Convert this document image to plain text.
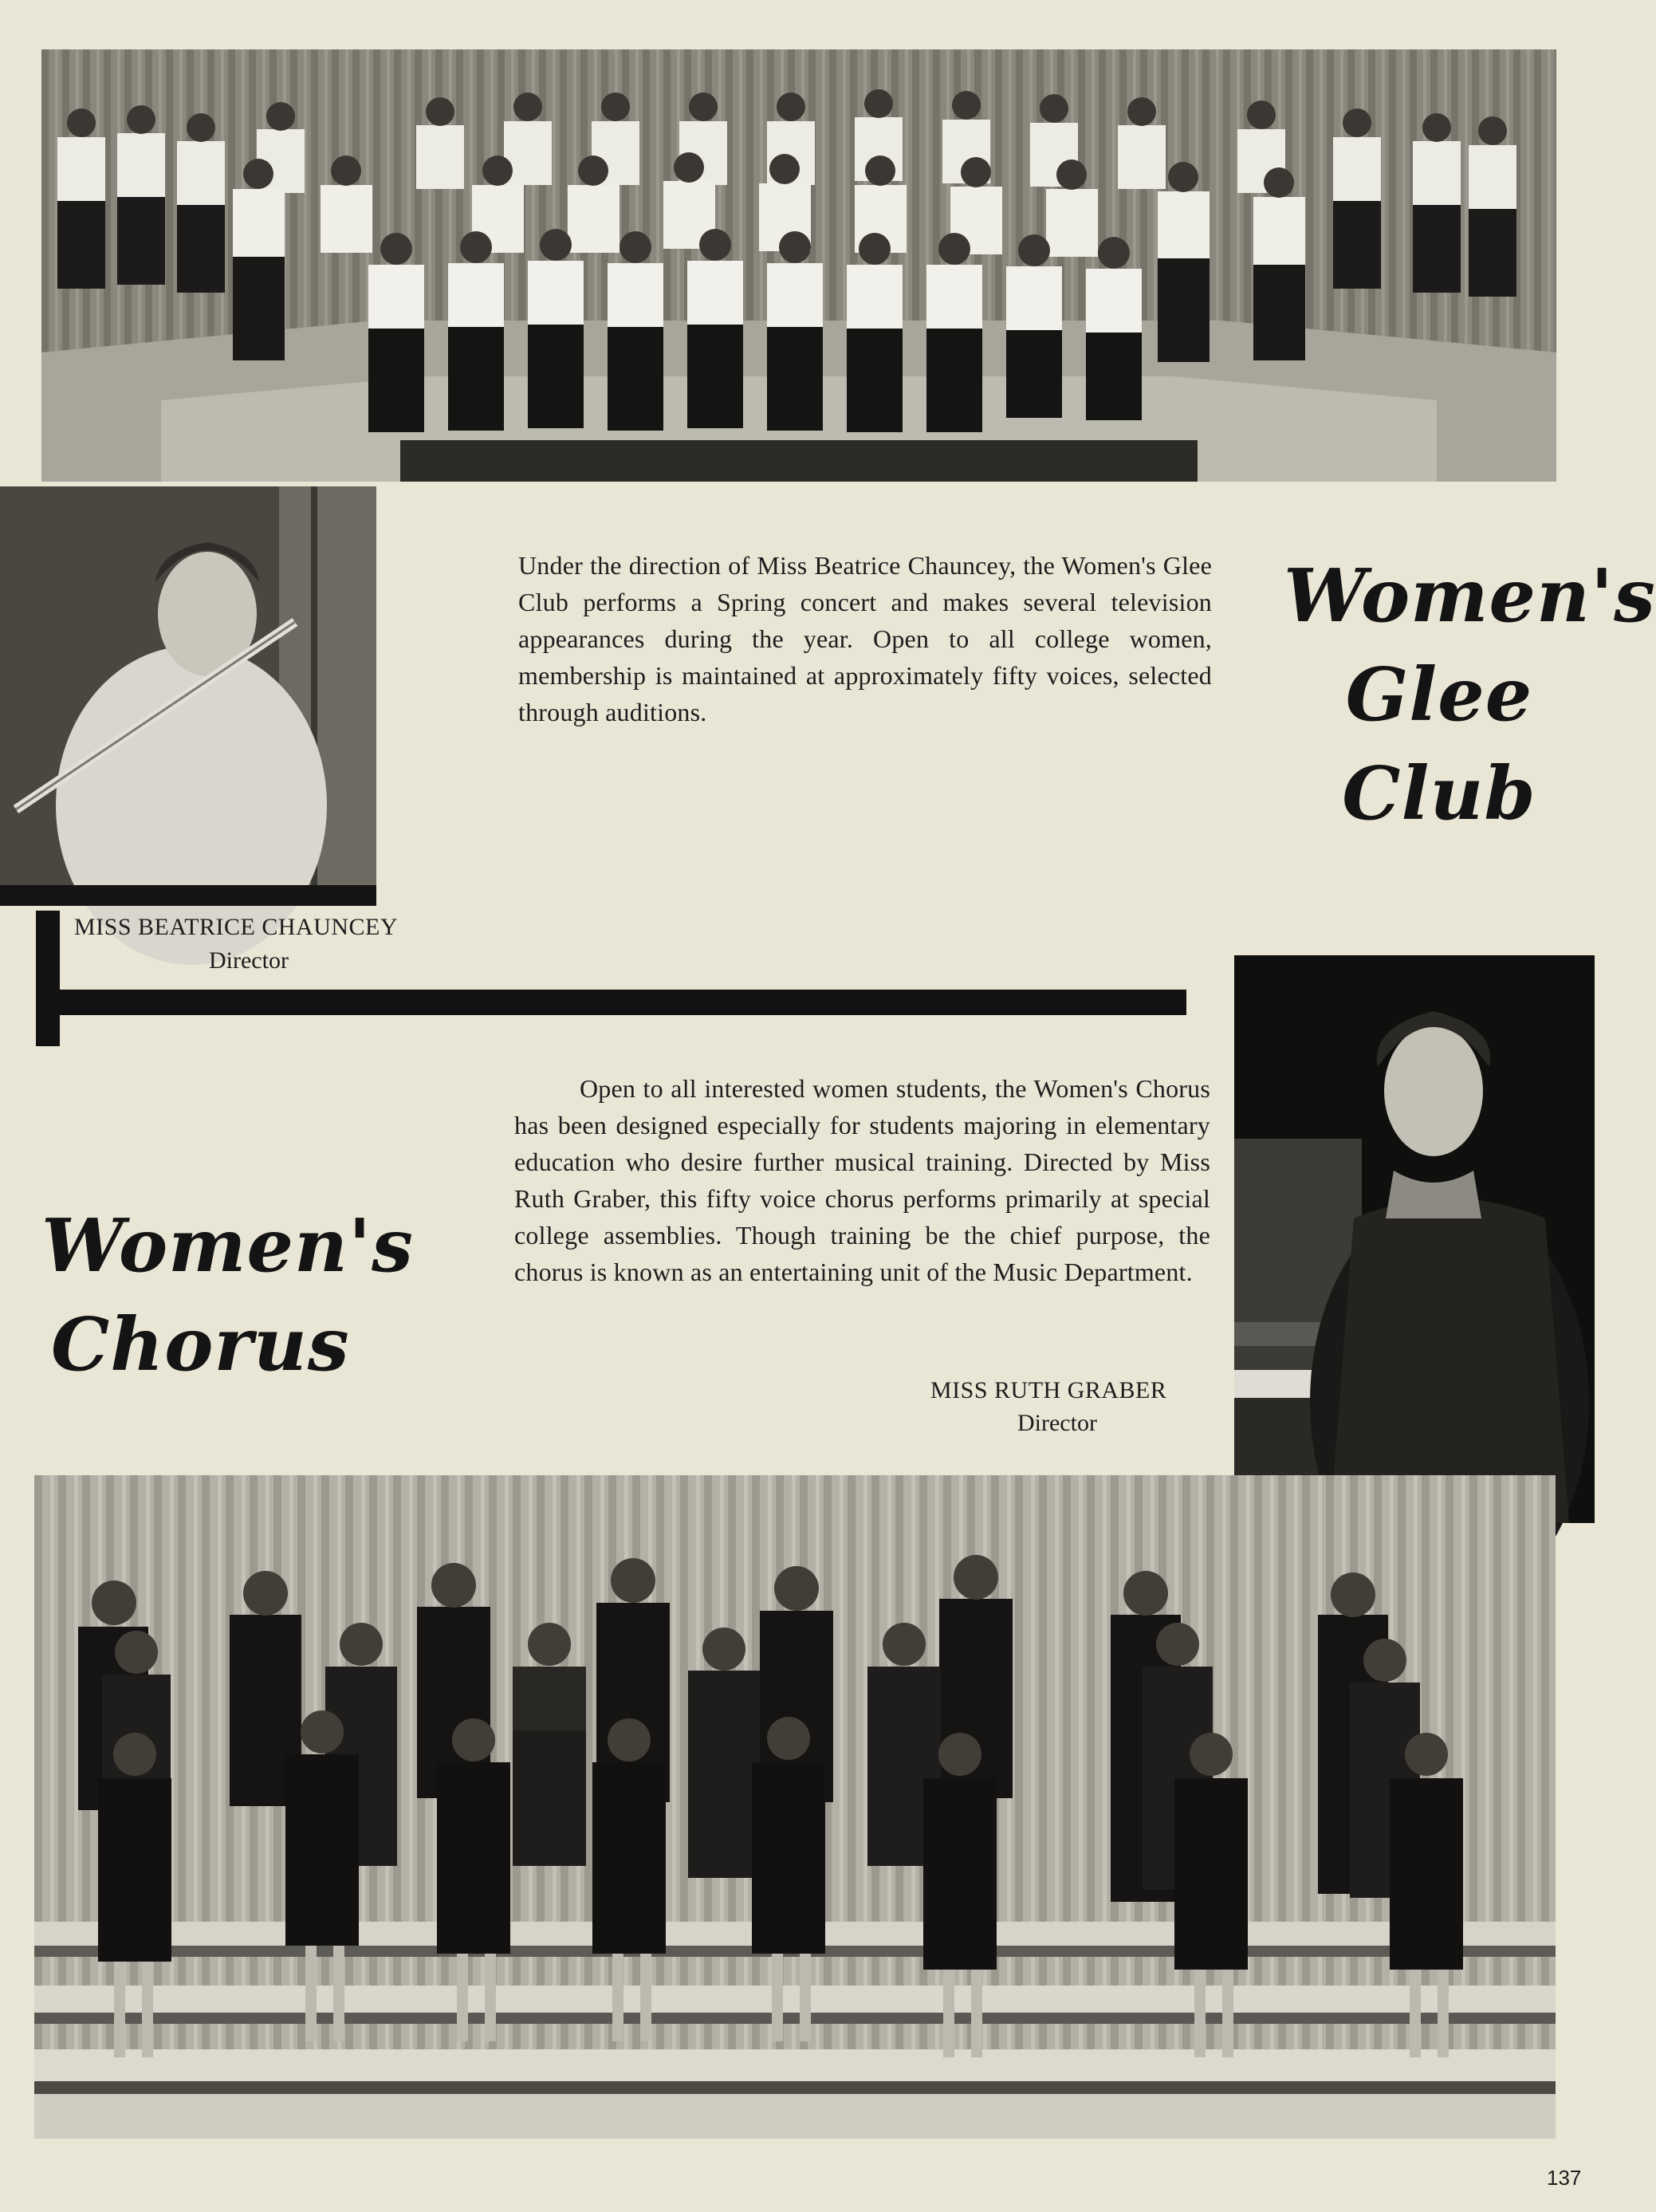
Under the direction of Miss Beatrice Chauncey, the Women's Glee Club performs a Spring concert and makes several television appearances during the year. Open to all college women, membership is maintained at approximately fifty voices, selected through auditions.
Women's
Glee
Club
MISS BEATRICE CHAUNCEY
Director
Women's
Chorus
Open to all interested women students, the Women's Chorus has been designed especially for students majoring in elementary education who desire further musical training. Directed by Miss Ruth Graber, this fifty voice chorus performs primarily at special college assemblies. Though training be the chief purpose, the chorus is known as an entertaining unit of the Music Department.
MISS RUTH GRABER
Director
137
